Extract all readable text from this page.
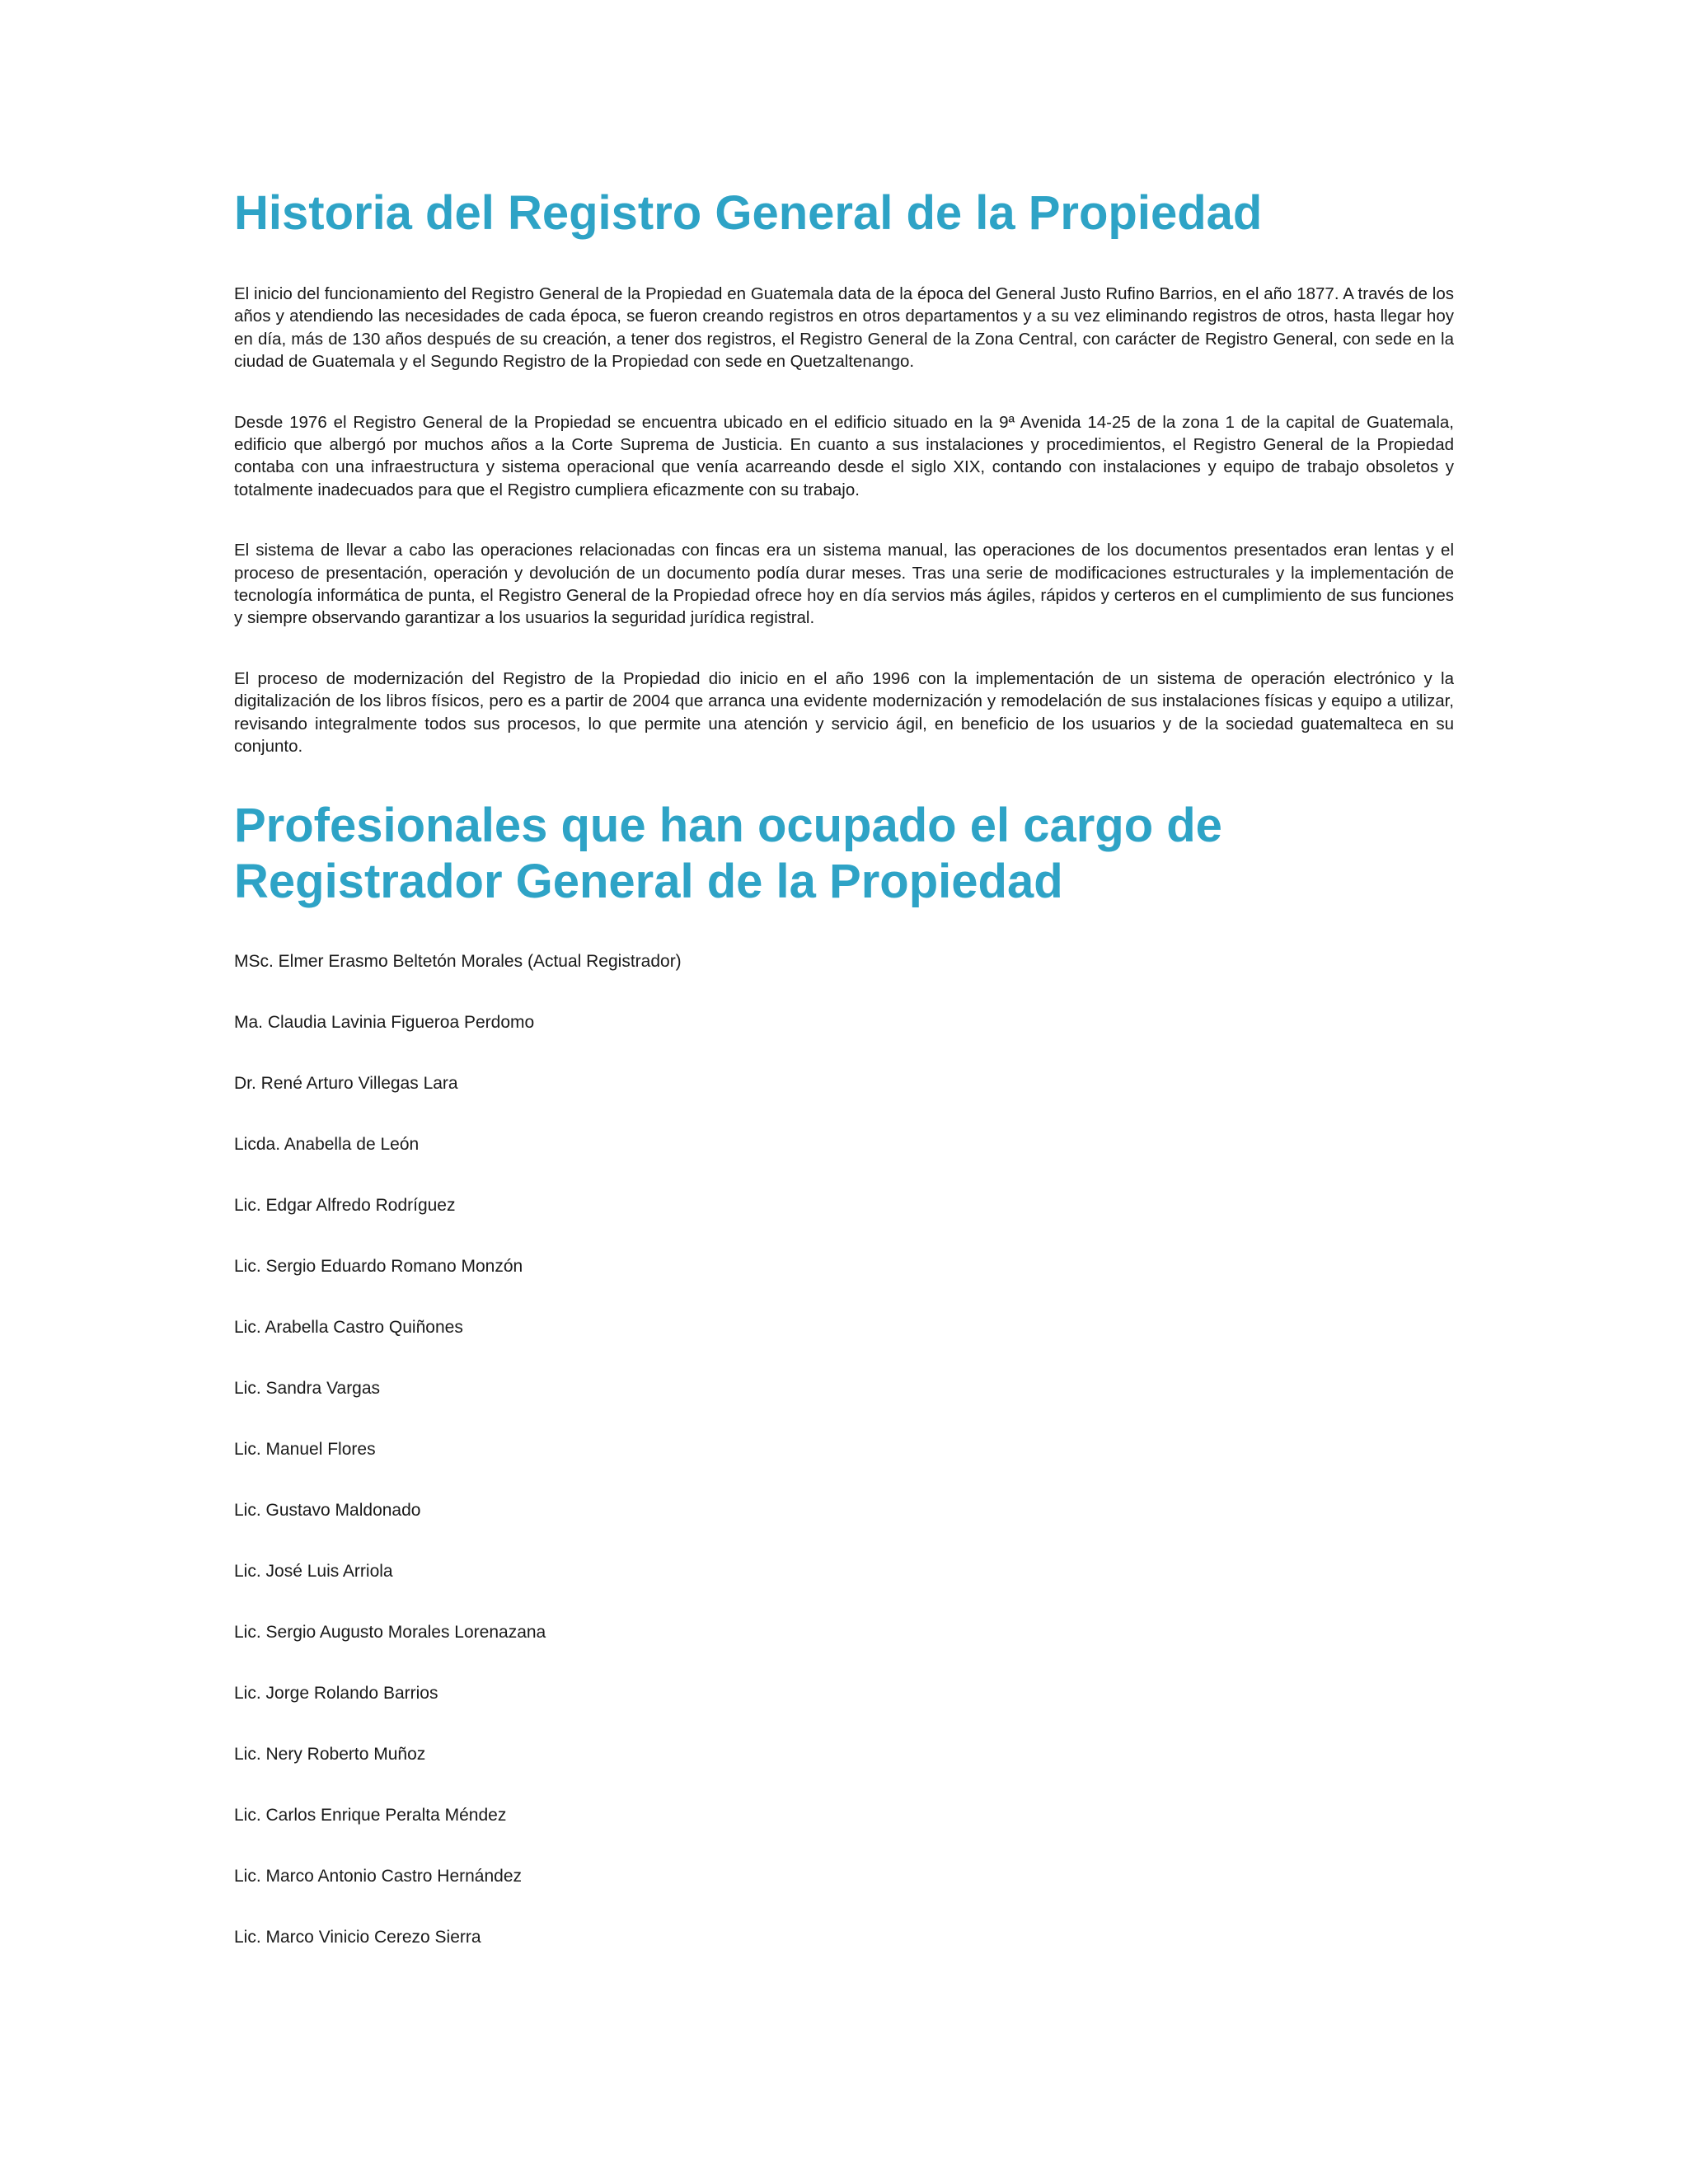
Historia del Registro General de la Propiedad

El inicio del funcionamiento del Registro General de la Propiedad en Guatemala data de la época del General Justo Rufino Barrios, en el año 1877. A través de los años y atendiendo las necesidades de cada época, se fueron creando registros en otros departamentos y a su vez eliminando registros de otros, hasta llegar hoy en día, más de 130 años después de su creación, a tener dos registros, el Registro General de la Zona Central, con carácter de Registro General, con sede en la ciudad de Guatemala y el Segundo Registro de la Propiedad con sede en Quetzaltenango.

Desde 1976 el Registro General de la Propiedad se encuentra ubicado en el edificio situado en la 9ª Avenida 14-25 de la zona 1 de la capital de Guatemala, edificio que albergó por muchos años a la Corte Suprema de Justicia. En cuanto a sus instalaciones y procedimientos, el Registro General de la Propiedad contaba con una infraestructura y sistema operacional que venía acarreando desde el siglo XIX, contando con instalaciones y equipo de trabajo obsoletos y totalmente inadecuados para que el Registro cumpliera eficazmente con su trabajo.

El sistema de llevar a cabo las operaciones relacionadas con fincas era un sistema manual, las operaciones de los documentos presentados eran lentas y el proceso de presentación, operación y devolución de un documento podía durar meses. Tras una serie de modificaciones estructurales y la implementación de tecnología informática de punta, el Registro General de la Propiedad ofrece hoy en día servios más ágiles, rápidos y certeros en el cumplimiento de sus funciones y siempre observando garantizar a los usuarios la seguridad jurídica registral.

El proceso de modernización del Registro de la Propiedad dio inicio en el año 1996 con la implementación de un sistema de operación electrónico y la digitalización de los libros físicos, pero es a partir de 2004 que arranca una evidente modernización y remodelación de sus instalaciones físicas y equipo a utilizar, revisando integralmente todos sus procesos, lo que permite una atención y servicio ágil, en beneficio de los usuarios y de la sociedad guatemalteca en su conjunto.

Profesionales que han ocupado el cargo de Registrador General de la Propiedad
MSc. Elmer Erasmo Beltetón Morales (Actual Registrador)
Ma. Claudia Lavinia Figueroa Perdomo
Dr. René Arturo Villegas Lara
Licda. Anabella de León
Lic. Edgar Alfredo Rodríguez
Lic. Sergio Eduardo Romano Monzón
Lic. Arabella Castro Quiñones
Lic. Sandra Vargas
Lic. Manuel Flores
Lic. Gustavo Maldonado
Lic. José Luis Arriola
Lic. Sergio Augusto Morales Lorenazana
Lic. Jorge Rolando Barrios
Lic. Nery Roberto Muñoz
Lic. Carlos Enrique Peralta Méndez
Lic. Marco Antonio Castro Hernández
Lic. Marco Vinicio Cerezo Sierra
